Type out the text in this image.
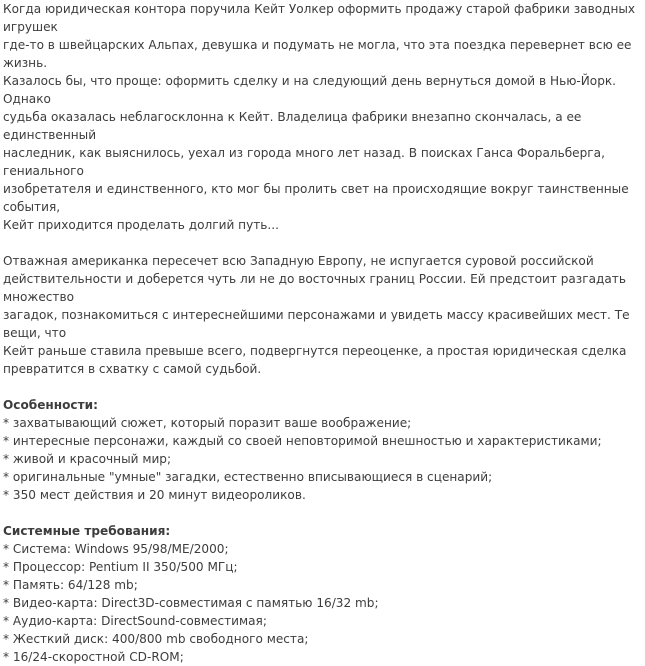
Когда юридическая контора поручила Кейт Уолкер оформить продажу старой фабрики заводных игрушек
где-то в швейцарских Альпах, девушка и подумать не могла, что эта поездка перевернет всю ее жизнь.
Казалось бы, что проще: оформить сделку и на следующий день вернуться домой в Нью-Йорк. Однако
судьба оказалась неблагосклонна к Кейт. Владелица фабрики внезапно скончалась, а ее единственный
наследник, как выяснилось, уехал из города много лет назад. В поисках Ганса Форальберга, гениального
изобретателя и единственного, кто мог бы пролить свет на происходящие вокруг таинственные события,
Кейт приходится проделать долгий путь...

Отважная американка пересечет всю Западную Европу, не испугается суровой российской
действительности и доберется чуть ли не до восточных границ России. Ей предстоит разгадать множество
загадок, познакомиться с интереснейшими персонажами и увидеть массу красивейших мест. Те вещи, что
Кейт раньше ставила превыше всего, подвергнутся переоценке, а простая юридическая сделка
превратится в схватку с самой судьбой.

Особенности:

* захватывающий сюжет, который поразит ваше воображение;
* интересные персонажи, каждый со своей неповторимой внешностью и характеристиками;
* живой и красочный мир;
* оригинальные "умные" загадки, естественно вписывающиеся в сценарий;
* 350 мест действия и 20 минут видеороликов.

Системные требования:

* Система: Windows 95/98/ME/2000;
* Процессор: Pentium II 350/500 МГц;
* Память: 64/128 mb;
* Видео-карта: Direct3D-совместимая с памятью 16/32 mb;
* Аудио-карта: DirectSound-совместимая;
* Жесткий диск: 400/800 mb свободного места;
* 16/24-скоростной CD-ROM;
